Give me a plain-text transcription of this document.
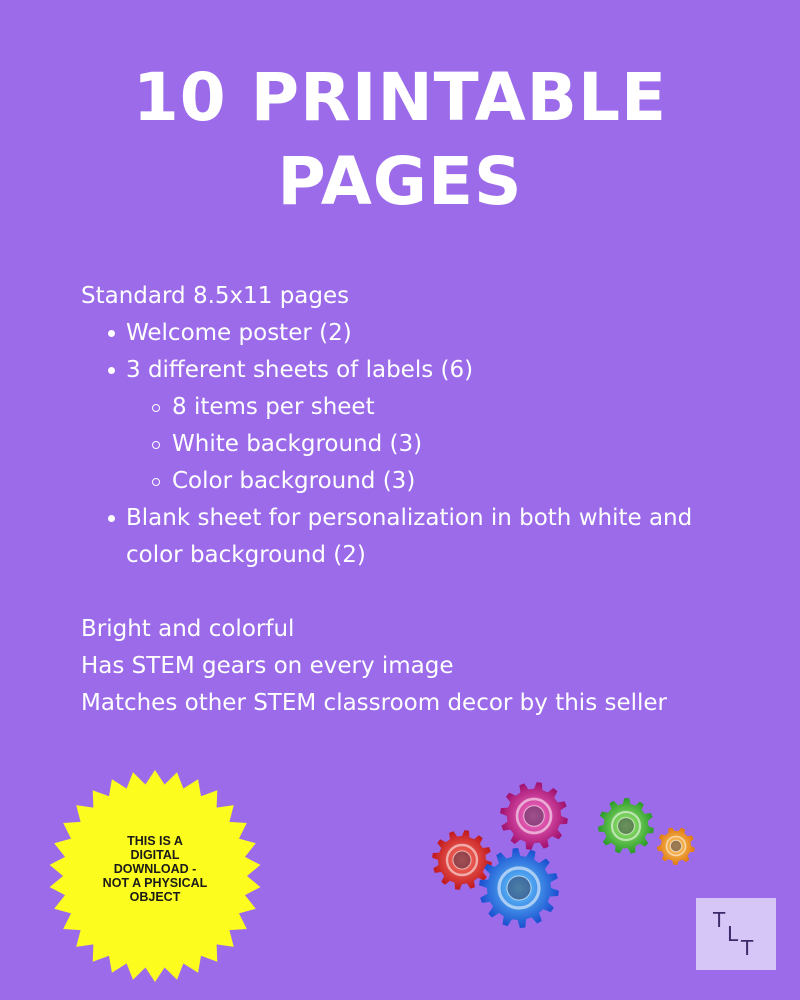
10 PRINTABLE
PAGES

Standard 8.5x11 pages

Welcome poster (2)
3 different sheets of labels (6)
8 items per sheet
White background (3)
Color background (3)
Blank sheet for personalization in both white and color background (2)

Bright and colorful

Has STEM gears on every image

Matches other STEM classroom decor by this seller

THIS IS A
DIGITAL
DOWNLOAD -
NOT A PHYSICAL
OBJECT
T
L
T
